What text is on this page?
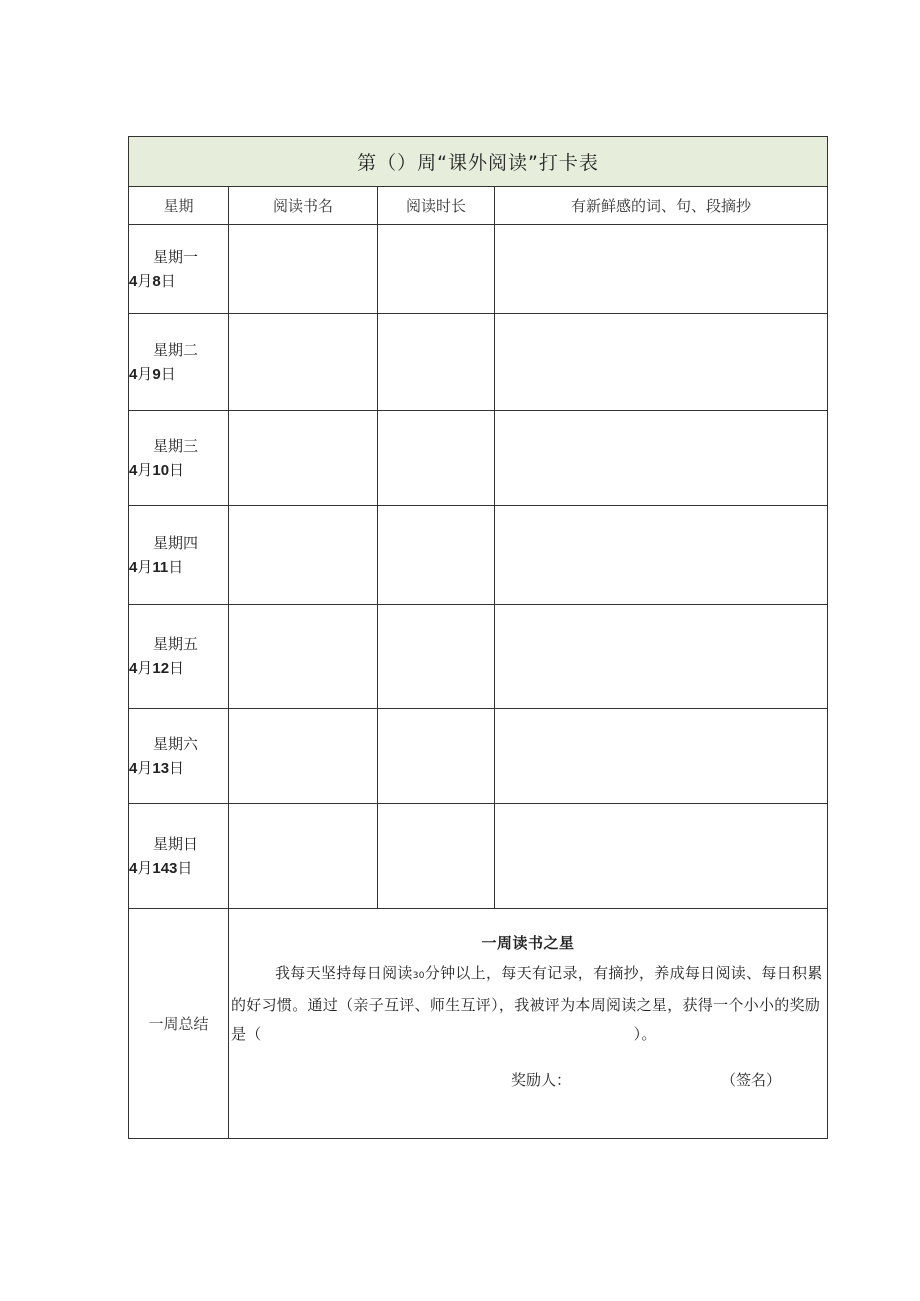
第（）周“课外阅读”打卡表			
星期	阅读书名	阅读时长	有新鲜感的词、句、段摘抄

星期一
4月8日			

星期二
4月9日			

星期三
4月10日			

星期四
4月11日			

星期五
4月12日			

星期六
4月13日			

星期日
4月143日			

一周总结	一周读书之星
我每天坚持每日阅读30分钟以上，每天有记录，有摘抄，养成每日阅读、每日积累的好习惯。通过（亲子互评、师生互评），我被评为本周阅读之星，获得一个小小的奖励是（ ）。
奖励人： （签名）		
